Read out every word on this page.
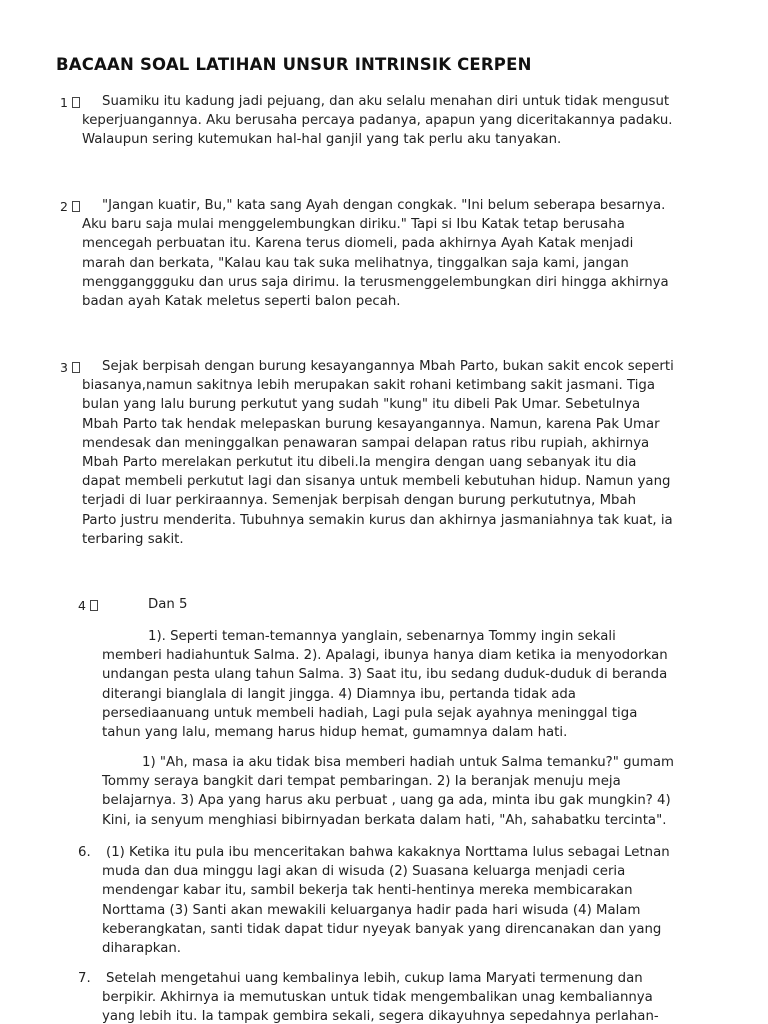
BACAAN SOAL LATIHAN UNSUR INTRINSIK CERPEN
1	Suamiku itu kadung jadi pejuang, dan aku selalu menahan diri untuk tidak mengusut
keperjuangannya. Aku berusaha percaya padanya, apapun yang diceritakannya padaku.
Walaupun sering kutemukan hal-hal ganjil yang tak perlu aku tanyakan.
2	"Jangan kuatir, Bu," kata sang Ayah dengan congkak. "Ini belum seberapa besarnya.
Aku baru saja mulai menggelembungkan diriku." Tapi si Ibu Katak tetap berusaha
mencegah perbuatan itu. Karena terus diomeli, pada akhirnya Ayah Katak menjadi
marah dan berkata, "Kalau kau tak suka melihatnya, tinggalkan saja kami, jangan
mengganggguku dan urus saja dirimu. Ia terusmenggelembungkan diri hingga akhirnya
badan ayah Katak meletus seperti balon pecah.
3	Sejak berpisah dengan burung kesayangannya Mbah Parto, bukan sakit encok seperti
biasanya,namun sakitnya lebih merupakan sakit rohani ketimbang sakit jasmani. Tiga
bulan yang lalu burung perkutut yang sudah "kung" itu dibeli Pak Umar. Sebetulnya
Mbah Parto tak hendak melepaskan burung kesayangannya. Namun, karena Pak Umar
mendesak dan meninggalkan penawaran sampai delapan ratus ribu rupiah, akhirnya
Mbah Parto merelakan perkutut itu dibeli.Ia mengira dengan uang sebanyak itu dia
dapat membeli perkutut lagi dan sisanya untuk membeli kebutuhan hidup. Namun yang
terjadi di luar perkiraannya. Semenjak berpisah dengan burung perkututnya, Mbah
Parto justru menderita. Tubuhnya semakin kurus dan akhirnya jasmaniahnya tak kuat, ia
terbaring sakit.
4	Dan 5
1). Seperti teman-temannya yanglain, sebenarnya Tommy ingin sekali
memberi hadiahuntuk Salma. 2). Apalagi, ibunya hanya diam ketika ia menyodorkan
undangan pesta ulang tahun Salma. 3) Saat itu, ibu sedang duduk-duduk di beranda
diterangi bianglala di langit jingga. 4) Diamnya ibu, pertanda tidak ada
persediaanuang untuk membeli hadiah, Lagi pula sejak ayahnya meninggal tiga
tahun yang lalu, memang harus hidup hemat, gumamnya dalam hati.
1) "Ah, masa ia aku tidak bisa memberi hadiah untuk Salma temanku?" gumam
Tommy seraya bangkit dari tempat pembaringan. 2) Ia beranjak menuju meja
belajarnya. 3) Apa yang harus aku perbuat , uang ga ada, minta ibu gak mungkin? 4)
Kini, ia senyum menghiasi bibirnyadan berkata dalam hati, "Ah, sahabatku tercinta".
6.	(1) Ketika itu pula ibu menceritakan bahwa kakaknya Norttama lulus sebagai Letnan
muda dan dua minggu lagi akan di wisuda (2) Suasana keluarga menjadi ceria
mendengar kabar itu, sambil bekerja tak henti-hentinya mereka membicarakan
Norttama (3) Santi akan mewakili keluarganya hadir pada hari wisuda (4) Malam
keberangkatan, santi tidak dapat tidur nyeyak banyak yang direncanakan dan yang
diharapkan.
7.	Setelah mengetahui uang kembalinya lebih, cukup lama Maryati termenung dan
berpikir. Akhirnya ia memutuskan untuk tidak mengembalikan unag kembaliannya
yang lebih itu. Ia tampak gembira sekali, segera dikayuhnya sepedahnya perlahan-
